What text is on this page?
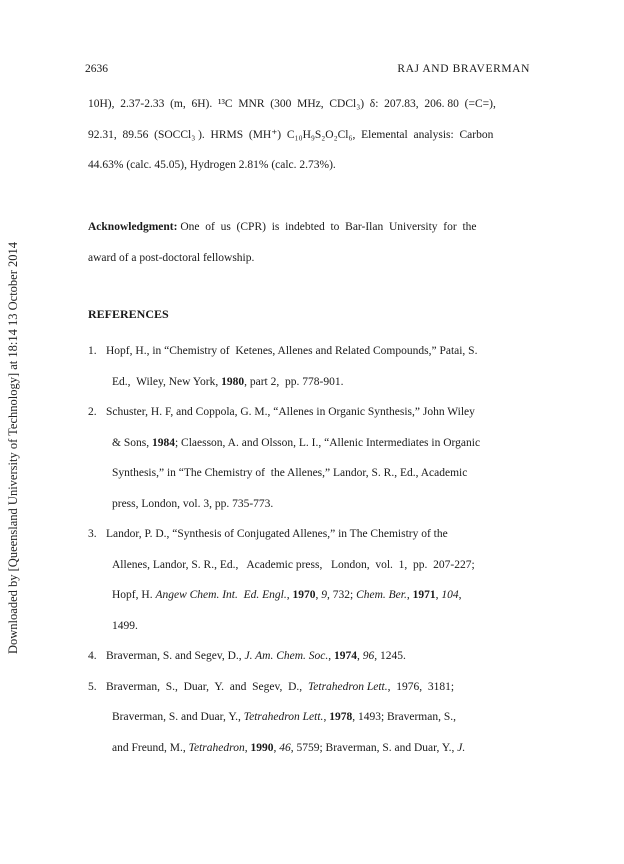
2636	RAJ AND BRAVERMAN
Downloaded by [Queensland University of Technology] at 18:14 13 October 2014
10H),  2.37-2.33  (m,  6H).  ¹³C  MNR  (300  MHz,  CDCl₃)  δ:  207.83,  206. 80  (=C=),
92.31,  89.56  (SOCCl₃ ).  HRMS  (MH⁺)  C₁₀H₉S₂O₂Cl₆,  Elemental  analysis:  Carbon
44.63% (calc. 45.05), Hydrogen 2.81% (calc. 2.73%).
Acknowledgment: One  of  us  (CPR)  is  indebted  to  Bar-Ilan  University  for  the
award of a post-doctoral fellowship.
REFERENCES
1. Hopf, H., in “Chemistry of  Ketenes, Allenes and Related Compounds,” Patai, S.
Ed.,  Wiley, New York, 1980, part 2,  pp. 778-901.
2. Schuster, H. F, and Coppola, G. M., “Allenes in Organic Synthesis,” John Wiley
& Sons, 1984; Claesson, A. and Olsson, L. I., “Allenic Intermediates in Organic
Synthesis,” in “The Chemistry of  the Allenes,” Landor, S. R., Ed., Academic
press, London, vol. 3, pp. 735-773.
3. Landor, P. D., “Synthesis of Conjugated Allenes,” in The Chemistry of the
Allenes, Landor, S. R., Ed.,   Academic press,   London,  vol.  1,  pp.  207-227;
Hopf, H. Angew Chem. Int.  Ed. Engl., 1970, 9, 732; Chem. Ber., 1971, 104,
1499.
4. Braverman, S. and Segev, D., J. Am. Chem. Soc., 1974, 96, 1245.
5. Braverman,  S.,  Duar,  Y.  and  Segev,  D.,  Tetrahedron Lett.,  1976,  3181;
Braverman, S. and Duar, Y., Tetrahedron Lett., 1978, 1493; Braverman, S.,
and Freund, M., Tetrahedron, 1990, 46, 5759; Braverman, S. and Duar, Y., J.
